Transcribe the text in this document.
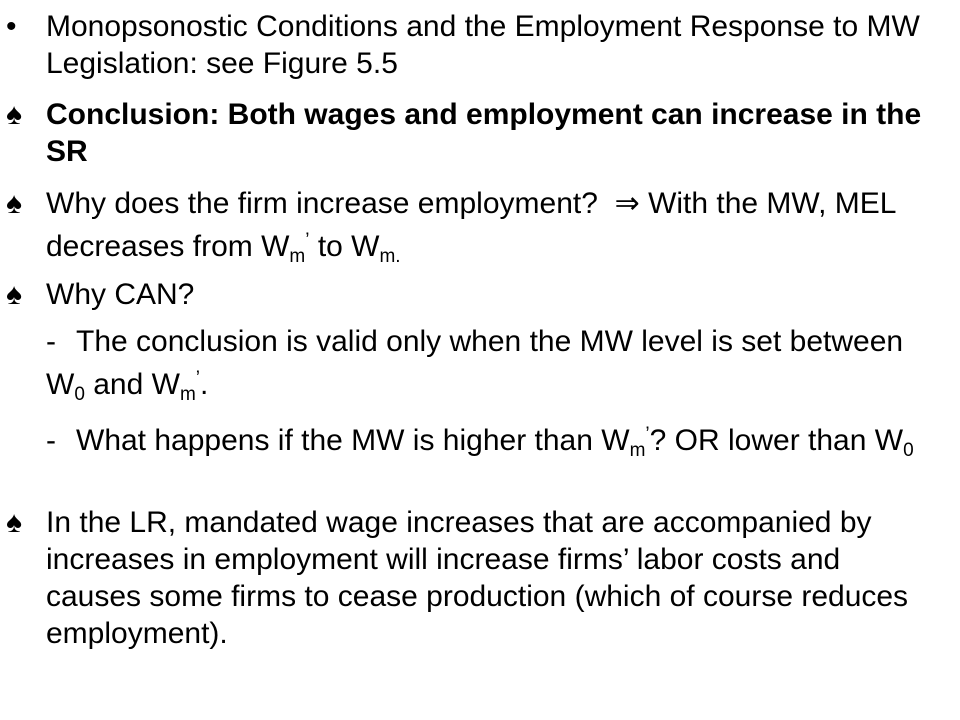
• Monopsonostic Conditions and the Employment Response to MW Legislation: see Figure 5.5
♠ Conclusion: Both wages and employment can increase in the SR
♠ Why does the firm increase employment? ⇒ With the MW, MEL decreases from $W_m^’$ to $W_{m.}$
♠ Why CAN?
- The conclusion is valid only when the MW level is set between $W_0$ and $W_m^’$.
- What happens if the MW is higher than $W_m^’$? OR lower than $W_0$
♠ In the LR, mandated wage increases that are accompanied by increases in employment will increase firms’ labor costs and causes some firms to cease production (which of course reduces employment).
